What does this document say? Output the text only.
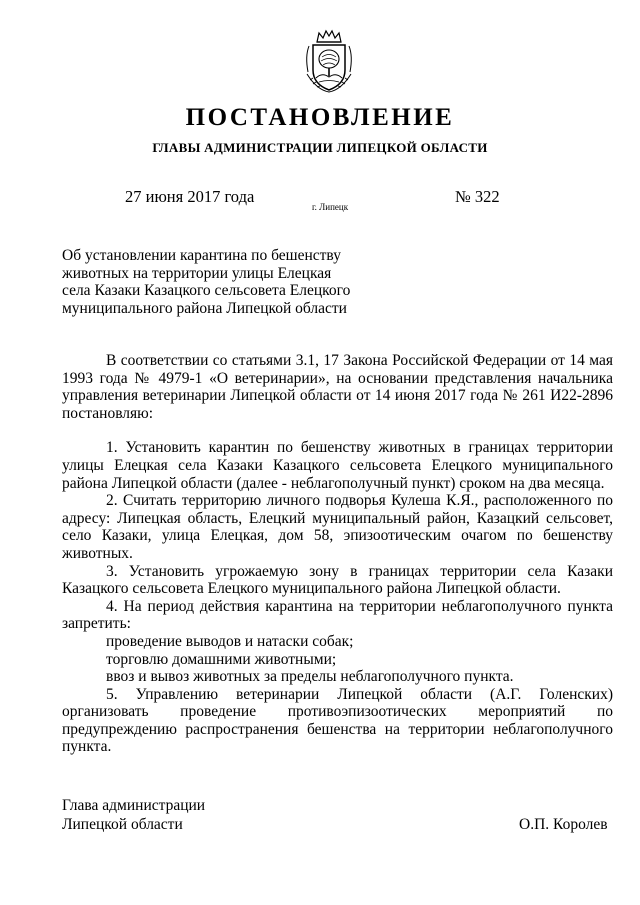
ПОСТАНОВЛЕНИЕ
ГЛАВЫ АДМИНИСТРАЦИИ ЛИПЕЦКОЙ ОБЛАСТИ
27 июня 2017 года
г. Липецк
№ 322
Об установлении карантина по бешенству
животных на территории улицы Елецкая
села Казаки Казацкого сельсовета Елецкого
муниципального района Липецкой области

В соответствии со статьями 3.1, 17 Закона Российской Федерации от 14 мая 1993 года № 4979-1 «О ветеринарии», на основании представления начальника управления ветеринарии Липецкой области от 14 июня 2017 года № 261 И22-2896 постановляю:

1. Установить карантин по бешенству животных в границах территории улицы Елецкая села Казаки Казацкого сельсовета Елецкого муниципального района Липецкой области (далее - неблагополучный пункт) сроком на два месяца.

2. Считать территорию личного подворья Кулеша К.Я., расположенного по адресу: Липецкая область, Елецкий муниципальный район, Казацкий сельсовет, село Казаки, улица Елецкая, дом 58, эпизоотическим очагом по бешенству животных.

3. Установить угрожаемую зону в границах территории села Казаки Казацкого сельсовета Елецкого муниципального района Липецкой области.

4. На период действия карантина на территории неблагополучного пункта запретить:

проведение выводов и натаски собак;

торговлю домашними животными;

ввоз и вывоз животных за пределы неблагополучного пункта.

5. Управлению ветеринарии Липецкой области (А.Г. Голенских) организовать проведение противоэпизоотических мероприятий по предупреждению распространения бешенства на территории неблагополучного пункта.

Глава администрации
Липецкой области	О.П. Королев
